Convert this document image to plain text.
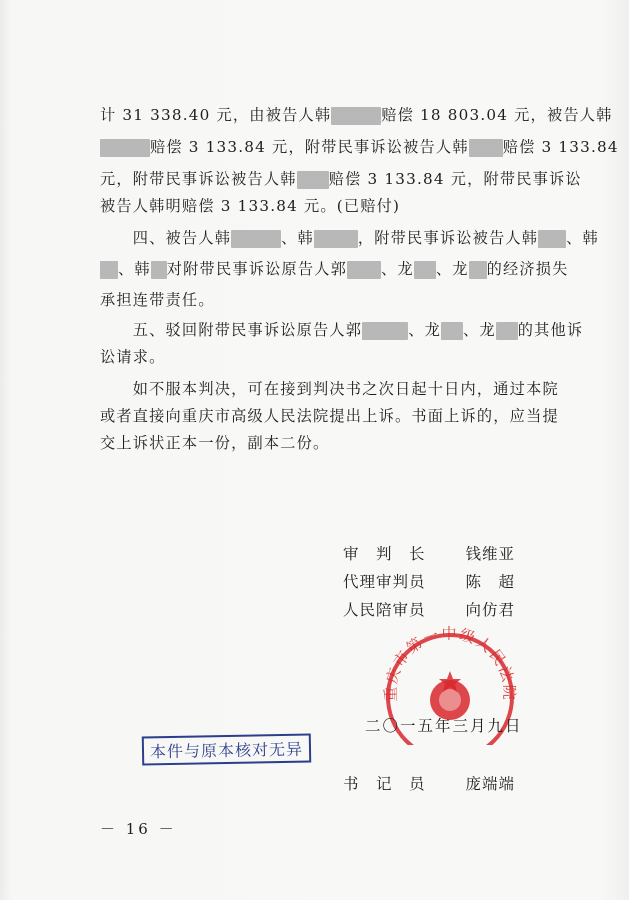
计 31 338.40 元，由被告人韩	赔偿 18 803.04 元，被告人韩
赔偿 3 133.84 元，附带民事诉讼被告人韩 赔偿 3 133.84
元，附带民事诉讼被告人韩 赔偿 3 133.84 元，附带民事诉讼
被告人韩明赔偿 3 133.84 元。(已赔付)
　　四、被告人韩	、韩	，附带民事诉讼被告人韩 、韩
、韩 对附带民事诉讼原告人郭 、龙 、龙 的经济损失
承担连带责任。
　　五、驳回附带民事诉讼原告人郭	、龙 、龙 的其他诉
讼请求。
　　如不服本判决，可在接到判决书之次日起十日内，通过本院
或者直接向重庆市高级人民法院提出上诉。书面上诉的，应当提
交上诉状正本一份，副本二份。
审　判　长	钱维亚
代理审判员	陈　超
人民陪审员	向仿君
重庆市第一中级人民法院
二〇一五年三月九日
本件与原本核对无异
书　记　员	庞端端
－ 16 －
